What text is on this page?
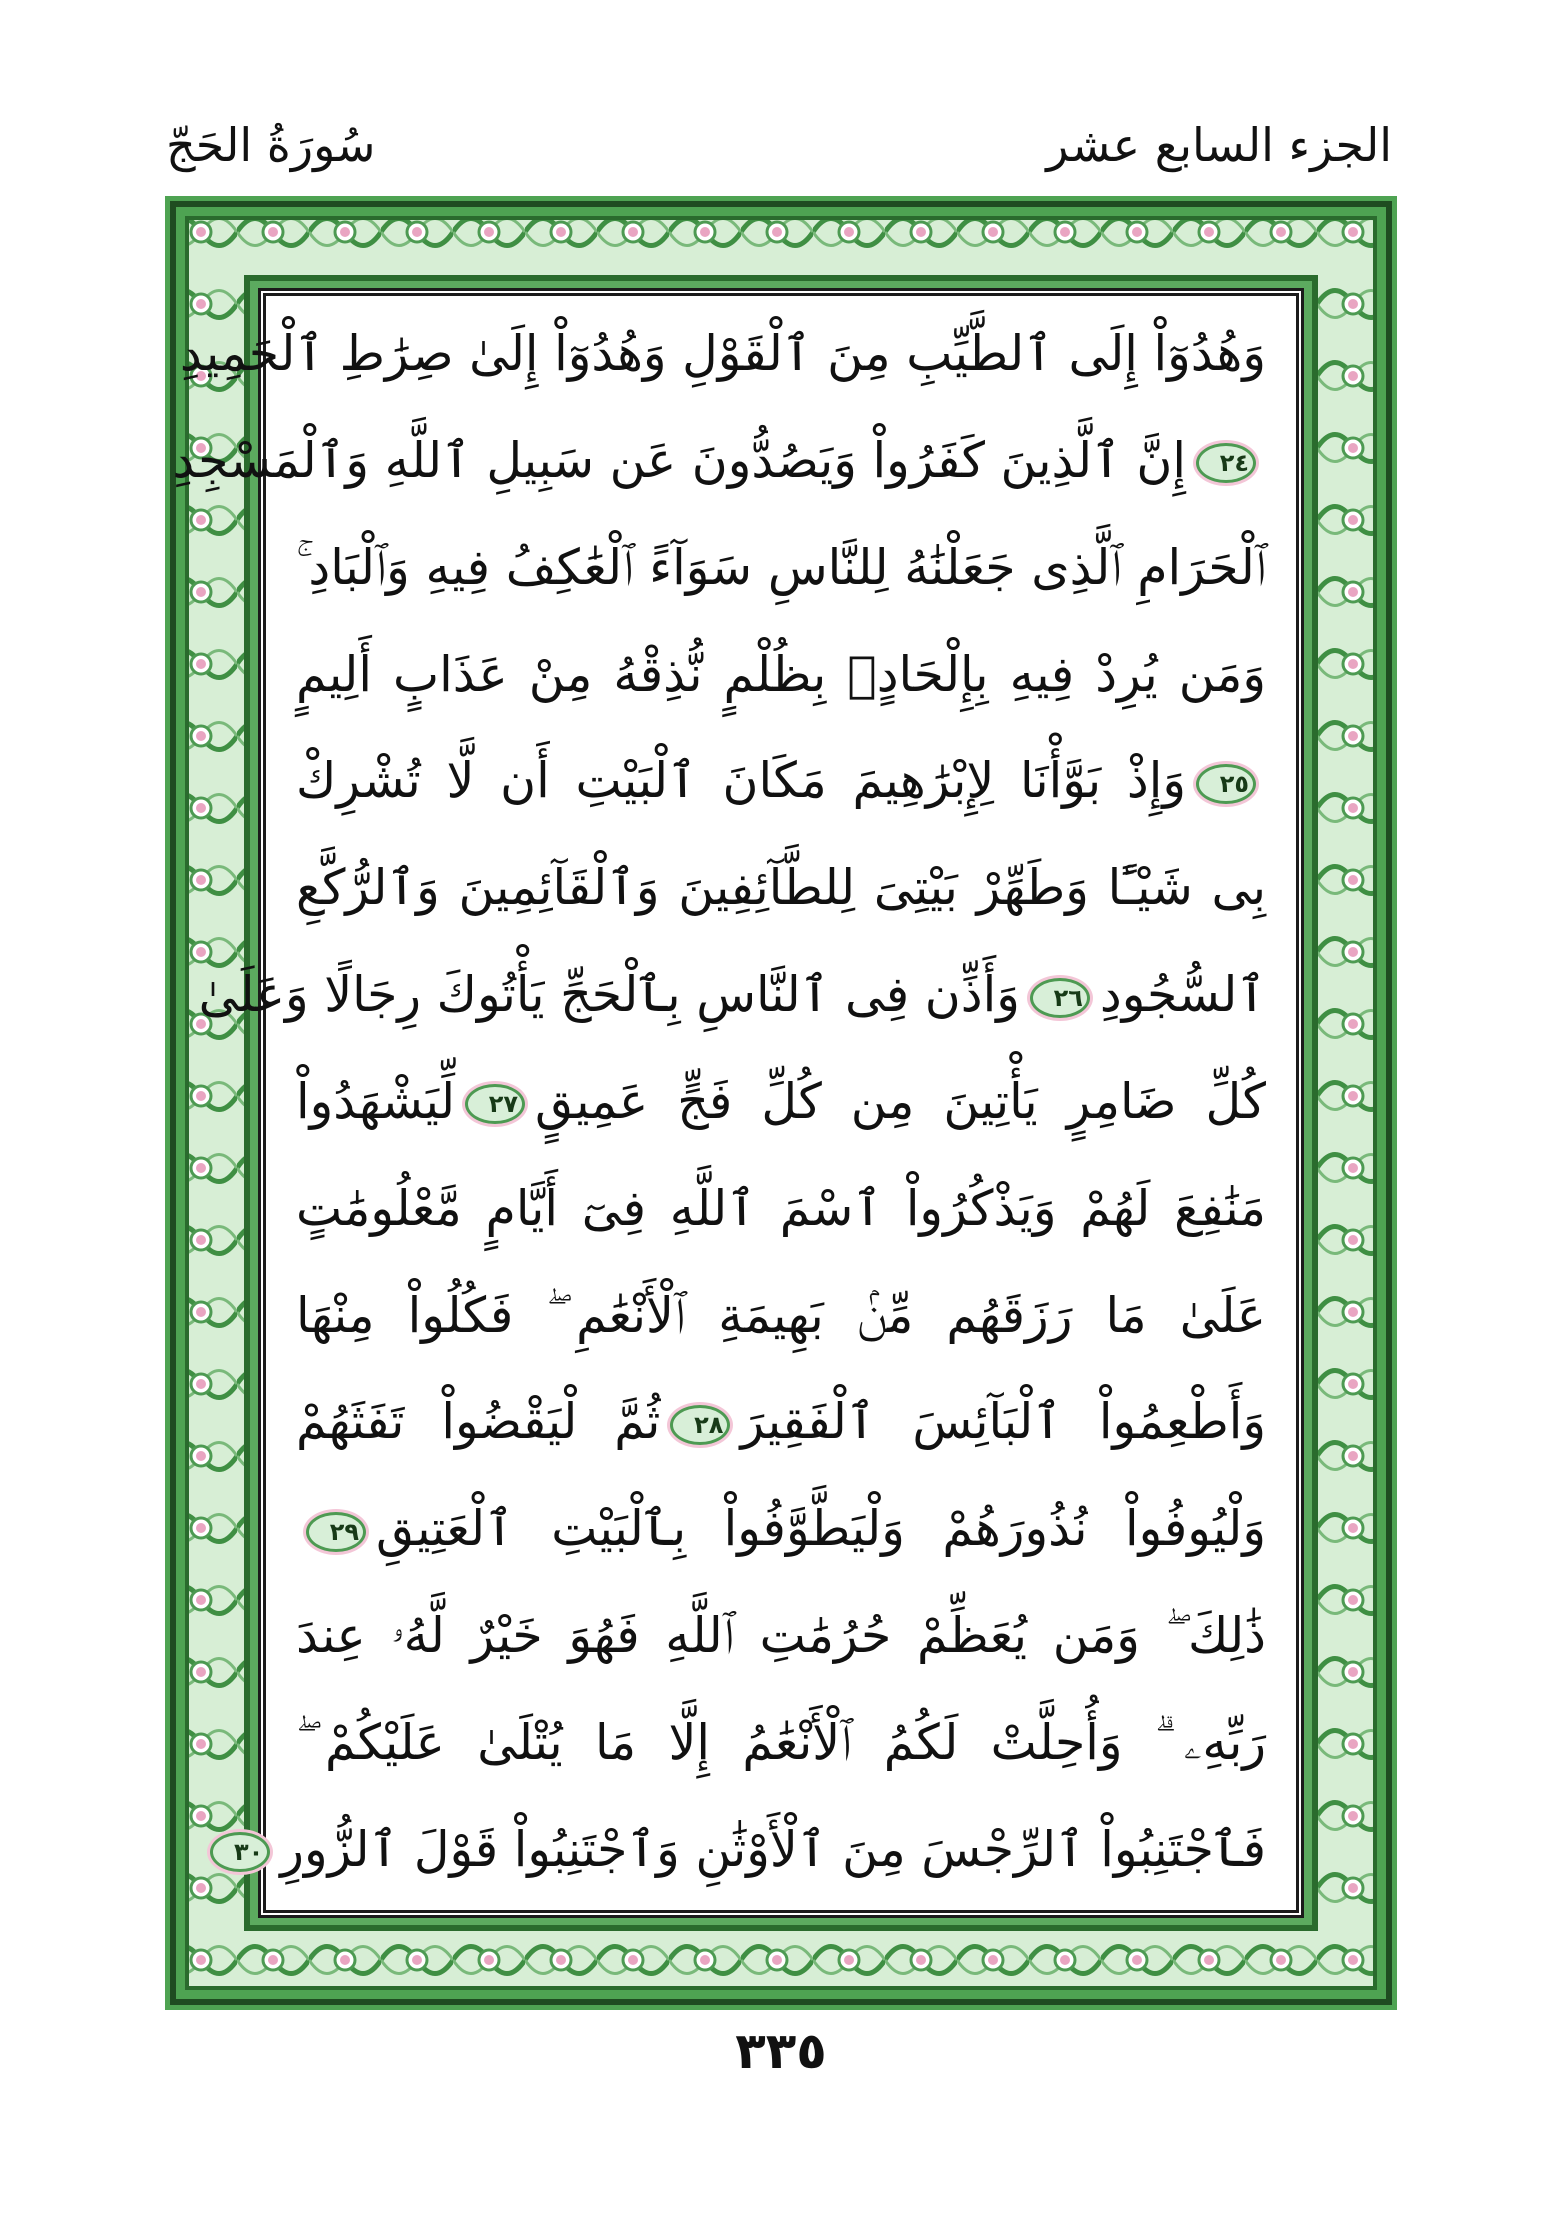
سُورَةُ الحَجّ	الجزء السابع عشر
وَهُدُوٓاْ إِلَى ٱلطَّيِّبِ مِنَ ٱلْقَوْلِ وَهُدُوٓاْ إِلَىٰ صِرَٰطِ ٱلْحَمِيدِ
٢٤إِنَّ ٱلَّذِينَ كَفَرُواْ وَيَصُدُّونَ عَن سَبِيلِ ٱللَّهِ وَٱلْمَسْجِدِ
ٱلْحَرَامِ ٱلَّذِى جَعَلْنَٰهُ لِلنَّاسِ سَوَآءً ٱلْعَٰكِفُ فِيهِ وَٱلْبَادِ ۚ
وَمَن يُرِدْ فِيهِ بِإِلْحَادٍۭ بِظُلْمٍ نُّذِقْهُ مِنْ عَذَابٍ أَلِيمٍ
٢٥وَإِذْ بَوَّأْنَا لِإِبْرَٰهِيمَ مَكَانَ ٱلْبَيْتِ أَن لَّا تُشْرِكْ
بِى شَيْـًٔا وَطَهِّرْ بَيْتِىَ لِلطَّآئِفِينَ وَٱلْقَآئِمِينَ وَٱلرُّكَّعِ
ٱلسُّجُودِ٢٦وَأَذِّن فِى ٱلنَّاسِ بِٱلْحَجِّ يَأْتُوكَ رِجَالًا وَعَلَىٰ
كُلِّ ضَامِرٍ يَأْتِينَ مِن كُلِّ فَجٍّ عَمِيقٍ٢٧لِّيَشْهَدُواْ
مَنَٰفِعَ لَهُمْ وَيَذْكُرُواْ ٱسْمَ ٱللَّهِ فِىٓ أَيَّامٍ مَّعْلُومَٰتٍ
عَلَىٰ مَا رَزَقَهُم مِّنۢ بَهِيمَةِ ٱلْأَنْعَٰمِ ۖ فَكُلُواْ مِنْهَا
وَأَطْعِمُواْ ٱلْبَآئِسَ ٱلْفَقِيرَ٢٨ثُمَّ لْيَقْضُواْ تَفَثَهُمْ
وَلْيُوفُواْ نُذُورَهُمْ وَلْيَطَّوَّفُواْ بِٱلْبَيْتِ ٱلْعَتِيقِ٢٩
ذَٰلِكَ ۖ وَمَن يُعَظِّمْ حُرُمَٰتِ ٱللَّهِ فَهُوَ خَيْرٌ لَّهُۥ عِندَ
رَبِّهِۦ ۗ وَأُحِلَّتْ لَكُمُ ٱلْأَنْعَٰمُ إِلَّا مَا يُتْلَىٰ عَلَيْكُمْ ۖ
فَٱجْتَنِبُواْ ٱلرِّجْسَ مِنَ ٱلْأَوْثَٰنِ وَٱجْتَنِبُواْ قَوْلَ ٱلزُّورِ٣٠
٣٣٥
